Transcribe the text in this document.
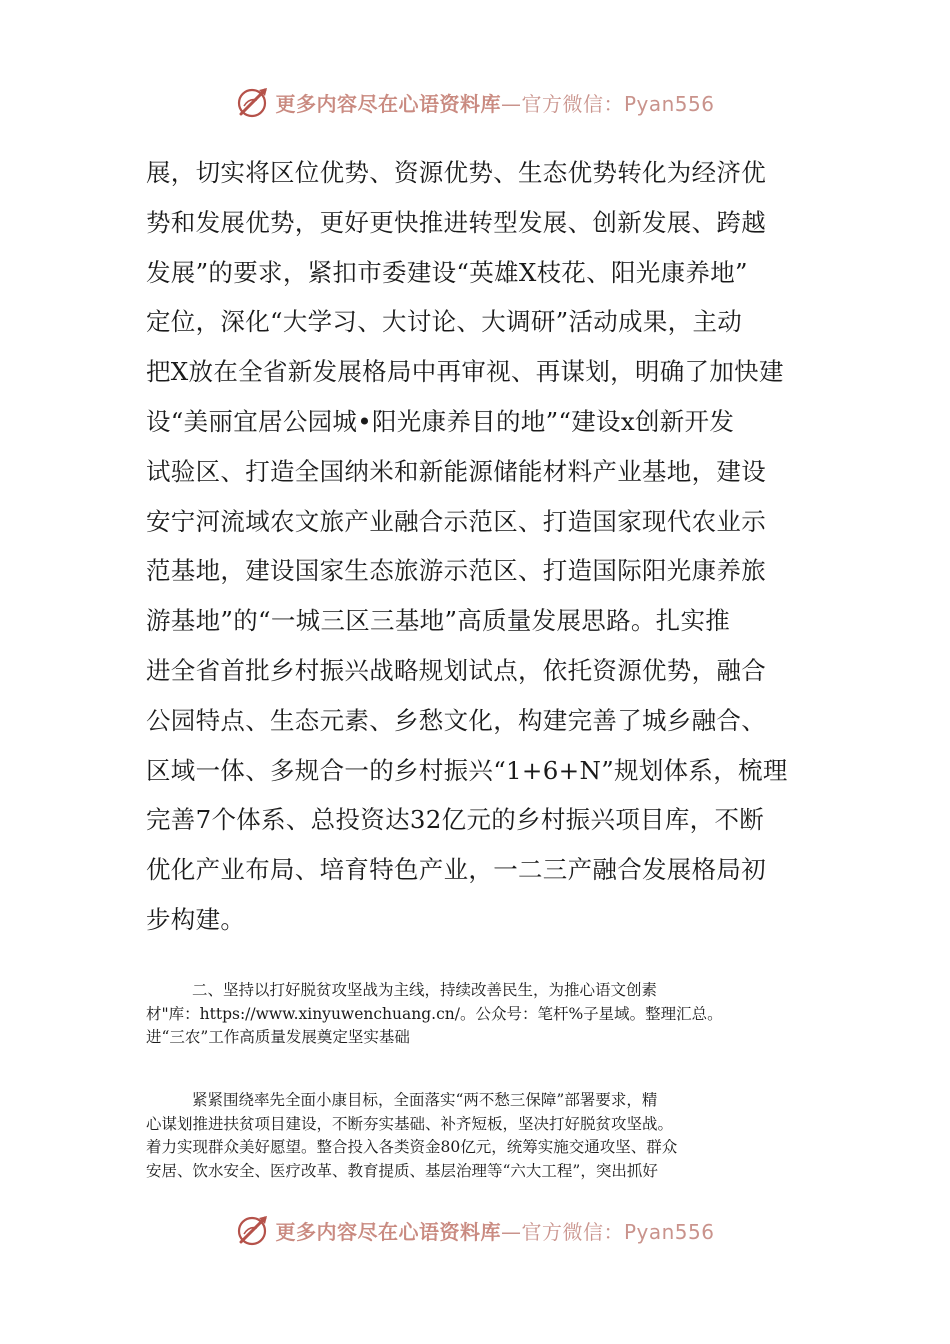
更多内容尽在心语资料库—官方微信：Pyan556
展，切实将区位优势、资源优势、生态优势转化为经济优
势和发展优势，更好更快推进转型发展、创新发展、跨越
发展”的要求，紧扣市委建设“英雄X枝花、阳光康养地”
定位，深化“大学习、大讨论、大调研”活动成果，主动
把X放在全省新发展格局中再审视、再谋划，明确了加快建
设“美丽宜居公园城•阳光康养目的地”“建设x创新开发
试验区、打造全国纳米和新能源储能材料产业基地，建设
安宁河流域农文旅产业融合示范区、打造国家现代农业示
范基地，建设国家生态旅游示范区、打造国际阳光康养旅
游基地”的“一城三区三基地”高质量发展思路。扎实推
进全省首批乡村振兴战略规划试点，依托资源优势，融合
公园特点、生态元素、乡愁文化，构建完善了城乡融合、
区域一体、多规合一的乡村振兴“1+6+N”规划体系，梳理
完善7个体系、总投资达32亿元的乡村振兴项目库，不断
优化产业布局、培育特色产业，一二三产融合发展格局初
步构建。
二、坚持以打好脱贫攻坚战为主线，持续改善民生，为推心语文创素
材"库：https://www.xinyuwenchuang.cn/。公众号：笔杆%子星域。整理汇总。
进“三农”工作高质量发展奠定坚实基础
紧紧围绕率先全面小康目标，全面落实“两不愁三保障”部署要求，精
心谋划推进扶贫项目建设，不断夯实基础、补齐短板，坚决打好脱贫攻坚战。
着力实现群众美好愿望。整合投入各类资金80亿元，统筹实施交通攻坚、群众
安居、饮水安全、医疗改革、教育提质、基层治理等“六大工程”，突出抓好
更多内容尽在心语资料库—官方微信：Pyan556
